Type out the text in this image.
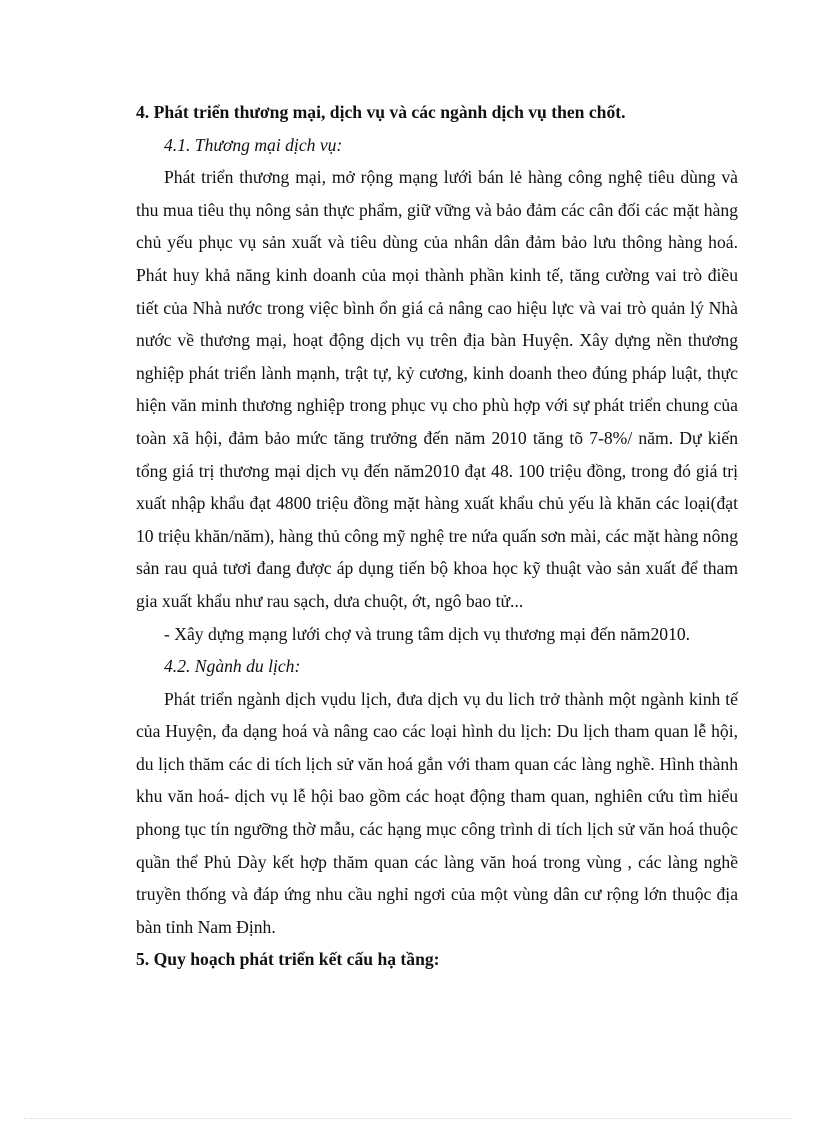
4. Phát triển thương mại, dịch vụ và các ngành dịch vụ then chốt.

4.1. Thương mại dịch vụ:

Phát triển thương mại, mở rộng mạng lưới bán lẻ hàng công nghệ tiêu dùng và thu mua tiêu thụ nông sản thực phẩm, giữ vững và bảo đảm các cân đối các mặt hàng chủ yếu phục vụ sản xuất và tiêu dùng của nhân dân đảm bảo lưu thông hàng hoá. Phát huy khả năng kinh doanh của mọi thành phần kinh tế, tăng cường vai trò điều tiết của Nhà nước trong việc bình ổn giá cả nâng cao hiệu lực và vai trò quản lý Nhà nước về thương mại, hoạt động dịch vụ trên địa bàn Huyện. Xây dựng nền thương nghiệp phát triển lành mạnh, trật tự, kỷ cương, kinh doanh theo đúng pháp luật, thực hiện văn minh thương nghiệp trong phục vụ cho phù hợp với sự phát triển chung của toàn xã hội, đảm bảo mức tăng trưởng đến năm 2010 tăng tõ 7-8%/ năm. Dự kiến tổng giá trị thương mại dịch vụ đến năm2010 đạt 48. 100 triệu đồng, trong đó giá trị xuất nhập khẩu đạt 4800 triệu đồng mặt hàng xuất khẩu chủ yếu là khăn các loại(đạt 10 triệu khăn/năm), hàng thủ công mỹ nghệ tre nứa quấn sơn mài, các mặt hàng nông sản rau quả tươi đang được áp dụng tiến bộ khoa học kỹ thuật vào sản xuất để tham gia xuất khẩu như rau sạch, dưa chuột, ớt, ngô bao tử...

- Xây dựng mạng lưới chợ và trung tâm dịch vụ thương mại đến năm2010.

4.2. Ngành du lịch:

Phát triển ngành dịch vụdu lịch, đưa dịch vụ du lich trở thành một ngành kinh tế của Huyện, đa dạng hoá và nâng cao các loại hình du lịch: Du lịch tham quan lễ hội, du lịch thăm các di tích lịch sử văn hoá gắn với tham quan các làng nghề. Hình thành khu văn hoá- dịch vụ lễ hội bao gồm các hoạt động tham quan, nghiên cứu tìm hiểu phong tục tín ngưỡng thờ mẫu, các hạng mục công trình di tích lịch sử văn hoá thuộc quần thể Phủ Dày kết hợp thăm quan các làng văn hoá trong vùng , các làng nghề truyền thống và đáp ứng nhu cầu nghỉ ngơi của một vùng dân cư rộng lớn thuộc địa bàn tỉnh Nam Định.

5. Quy hoạch phát triển kết cấu hạ tầng:
